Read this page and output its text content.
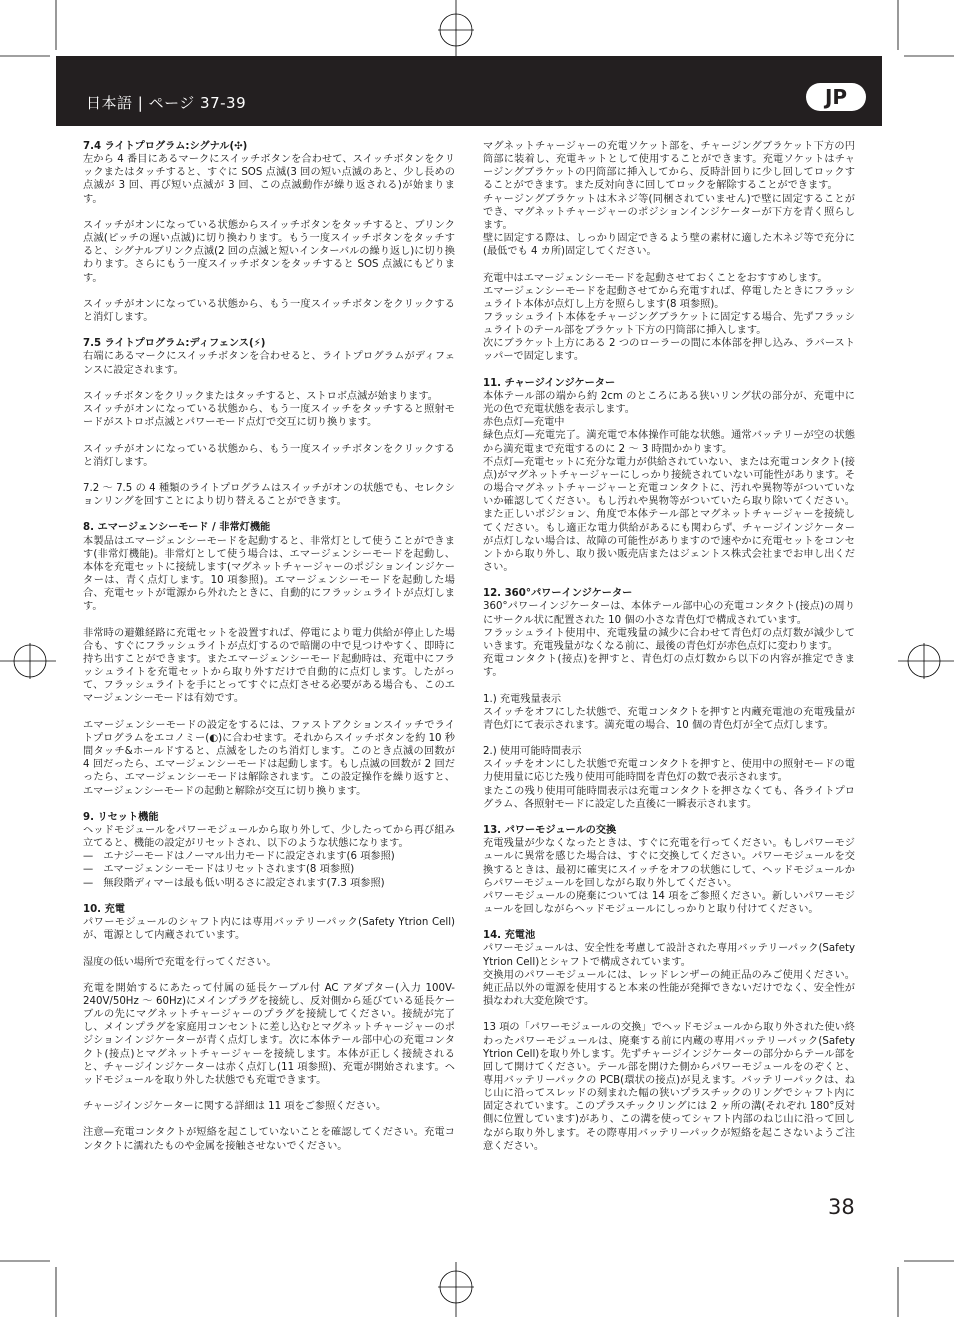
日本語 | ページ 37-39	JP
7.4 ライトプログラム:シグナル(✣)

左から 4 番目にあるマークにスイッチボタンを合わせて、スイッチボタンをクリックまたはタッチすると、すぐに SOS 点滅(3 回の短い点滅のあと、少し長めの点滅が 3 回、再び短い点滅が 3 回、この点滅動作が繰り返される)が始まります。

スイッチがオンになっている状態からスイッチボタンをタッチすると、ブリンク点滅(ピッチの遅い点滅)に切り換わります。もう一度スイッチボタンをタッチすると、シグナルブリンク点滅(2 回の点滅と短いインターバルの繰り返し)に切り換わります。さらにもう一度スイッチボタンをタッチすると SOS 点滅にもどります。

スイッチがオンになっている状態から、もう一度スイッチボタンをクリックすると消灯します。

7.5 ライトプログラム:ディフェンス(⚡)

右端にあるマークにスイッチボタンを合わせると、ライトプログラムがディフェンスに設定されます。

スイッチボタンをクリックまたはタッチすると、ストロボ点滅が始まります。
スイッチがオンになっている状態から、もう一度スイッチをタッチすると照射モードがストロボ点滅とパワーモード点灯で交互に切り換ります。

スイッチがオンになっている状態から、もう一度スイッチボタンをクリックすると消灯します。

7.2 〜 7.5 の 4 種類のライトプログラムはスイッチがオンの状態でも、セレクションリングを回すことにより切り替えることができます。

8. エマージェンシーモード / 非常灯機能

本製品はエマージェンシーモードを起動すると、非常灯として使うことができます(非常灯機能)。非常灯として使う場合は、エマージェンシーモードを起動し、本体を充電セットに接続します(マグネットチャージャーのポジションインジケーターは、青く点灯します。10 項参照)。エマージェンシーモードを起動した場合、充電セットが電源から外れたときに、自動的にフラッシュライトが点灯します。

非常時の避難経路に充電セットを設置すれば、停電により電力供給が停止した場合も、すぐにフラッシュライトが点灯するので暗闇の中で見つけやすく、即時に持ち出すことができます。またエマージェンシーモード起動時は、充電中にフラッシュライトを充電セットから取り外すだけで自動的に点灯します。したがって、フラッシュライトを手にとってすぐに点灯させる必要がある場合も、このエマージェンシーモードは有効です。

エマージェンシーモードの設定をするには、ファストアクションスイッチでライトプログラムをエコノミー(◐)に合わせます。それからスイッチボタンを約 10 秒間タッチ&ホールドすると、点滅をしたのち消灯します。このとき点滅の回数が 4 回だったら、エマージェンシーモードは起動します。もし点滅の回数が 2 回だったら、エマージェンシーモードは解除されます。この設定操作を繰り返すと、エマージェンシーモードの起動と解除が交互に切り換ります。

9. リセット機能

ヘッドモジュールをパワーモジュールから取り外して、少したってから再び組み立てると、機能の設定がリセットされ、以下のような状態になります。
—　エナジーモードはノーマル出力モードに設定されます(6 項参照)
—　エマージェンシーモードはリセットされます(8 項参照)
—　無段階ディマーは最も低い明るさに設定されます(7.3 項参照)

10. 充電

パワーモジュールのシャフト内には専用バッテリーパック(Safety Ytrion Cell)が、電源として内蔵されています。

湿度の低い場所で充電を行ってください。

充電を開始するにあたって付属の延長ケーブル付 AC アダプター(入力 100V-240V/50Hz 〜 60Hz)にメインプラグを接続し、反対側から延びている延長ケーブルの先にマグネットチャージャーのプラグを接続してください。接続が完了し、メインプラグを家庭用コンセントに差し込むとマグネットチャージャーのポジションインジケーターが青く点灯します。次に本体テール部中心の充電コンタクト(接点)とマグネットチャージャーを接続します。本体が正しく接続されると、チャージインジケーターは赤く点灯し(11 項参照)、充電が開始されます。ヘッドモジュールを取り外した状態でも充電できます。

チャージインジケーターに関する詳細は 11 項をご参照ください。

注意—充電コンタクトが短絡を起こしていないことを確認してください。充電コンタクトに濡れたものや金属を接触させないでください。

マグネットチャージャーの充電ソケット部を、チャージングブラケット下方の円筒部に装着し、充電キットとして使用することができます。充電ソケットはチャージングブラケットの円筒部に挿入してから、反時計回りに少し回してロックすることができます。また反対向きに回してロックを解除することができます。
チャージングブラケットは木ネジ等(同梱されていません)で壁に固定することができ、マグネットチャージャーのポジションインジケーターが下方を青く照らします。
壁に固定する際は、しっかり固定できるよう壁の素材に適した木ネジ等で充分に(最低でも 4 カ所)固定してください。

充電中はエマージェンシーモードを起動させておくことをおすすめします。
エマージェンシーモードを起動させてから充電すれば、停電したときにフラッシュライト本体が点灯し上方を照らします(8 項参照)。
フラッシュライト本体をチャージングブラケットに固定する場合、先ずフラッシュライトのテール部をブラケット下方の円筒部に挿入します。
次にブラケット上方にある 2 つのローラーの間に本体部を押し込み、ラバーストッパーで固定します。

11. チャージインジケーター

本体テール部の端から約 2cm のところにある狭いリング状の部分が、充電中に光の色で充電状態を表示します。
赤色点灯—充電中
緑色点灯—充電完了。満充電で本体操作可能な状態。通常バッテリーが空の状態から満充電まで充電するのに 2 〜 3 時間かかります。
不点灯—充電セットに充分な電力が供給されていない、または充電コンタクト(接点)がマグネットチャージャーにしっかり接続されていない可能性があります。その場合マグネットチャージャーと充電コンタクトに、汚れや異物等がついていないか確認してください。もし汚れや異物等がついていたら取り除いてください。また正しいポジション、角度で本体テール部とマグネットチャージャーを接続してください。もし適正な電力供給があるにも関わらず、チャージインジケーターが点灯しない場合は、故障の可能性がありますので速やかに充電セットをコンセントから取り外し、取り扱い販売店またはジェントス株式会社までお申し出ください。

12. 360°パワーインジケーター

360°パワーインジケーターは、本体テール部中心の充電コンタクト(接点)の周りにサークル状に配置された 10 個の小さな青色灯で構成されています。
フラッシュライト使用中、充電残量の減少に合わせて青色灯の点灯数が減少していきます。充電残量がなくなる前に、最後の青色灯が赤色点灯に変わります。
充電コンタクト(接点)を押すと、青色灯の点灯数から以下の内容が推定できます。

1.) 充電残量表示
スイッチをオフにした状態で、充電コンタクトを押すと内蔵充電池の充電残量が青色灯にて表示されます。満充電の場合、10 個の青色灯が全て点灯します。

2.) 使用可能時間表示
スイッチをオンにした状態で充電コンタクトを押すと、使用中の照射モードの電力使用量に応じた残り使用可能時間を青色灯の数で表示されます。
またこの残り使用可能時間表示は充電コンタクトを押さなくても、各ライトプログラム、各照射モードに設定した直後に一瞬表示されます。

13. パワーモジュールの交換

充電残量が少なくなったときは、すぐに充電を行ってください。もしパワーモジュールに異常を感じた場合は、すぐに交換してください。パワーモジュールを交換するときは、最初に確実にスイッチをオフの状態にして、ヘッドモジュールからパワーモジュールを回しながら取り外してください。
パワーモジュールの廃棄については 14 項をご参照ください。新しいパワーモジュールを回しながらヘッドモジュールにしっかりと取り付けてください。

14. 充電池

パワーモジュールは、安全性を考慮して設計された専用バッテリーパック(Safety Ytrion Cell)とシャフトで構成されています。
交換用のパワーモジュールには、レッドレンザーの純正品のみご使用ください。純正品以外の電源を使用すると本来の性能が発揮できないだけでなく、安全性が損なわれ大変危険です。

13 項の「パワーモジュールの交換」でヘッドモジュールから取り外された使い終わったパワーモジュールは、廃棄する前に内蔵の専用バッテリーパック(Safety Ytrion Cell)を取り外します。先ずチャージインジケーターの部分からテール部を回して開けてください。テール部を開けた側からパワーモジュールをのぞくと、専用バッテリーパックの PCB(環状の接点)が見えます。バッテリーパックは、ねじ山に沿ってスレッドの刻まれた幅の狭いプラスチックのリングでシャフト内に固定されています。このプラスチックリングには 2 ヶ所の溝(それぞれ 180°反対側に位置しています)があり、この溝を使ってシャフト内部のねじ山に沿って回しながら取り外します。その際専用バッテリーパックが短絡を起こさないようご注意ください。

38
